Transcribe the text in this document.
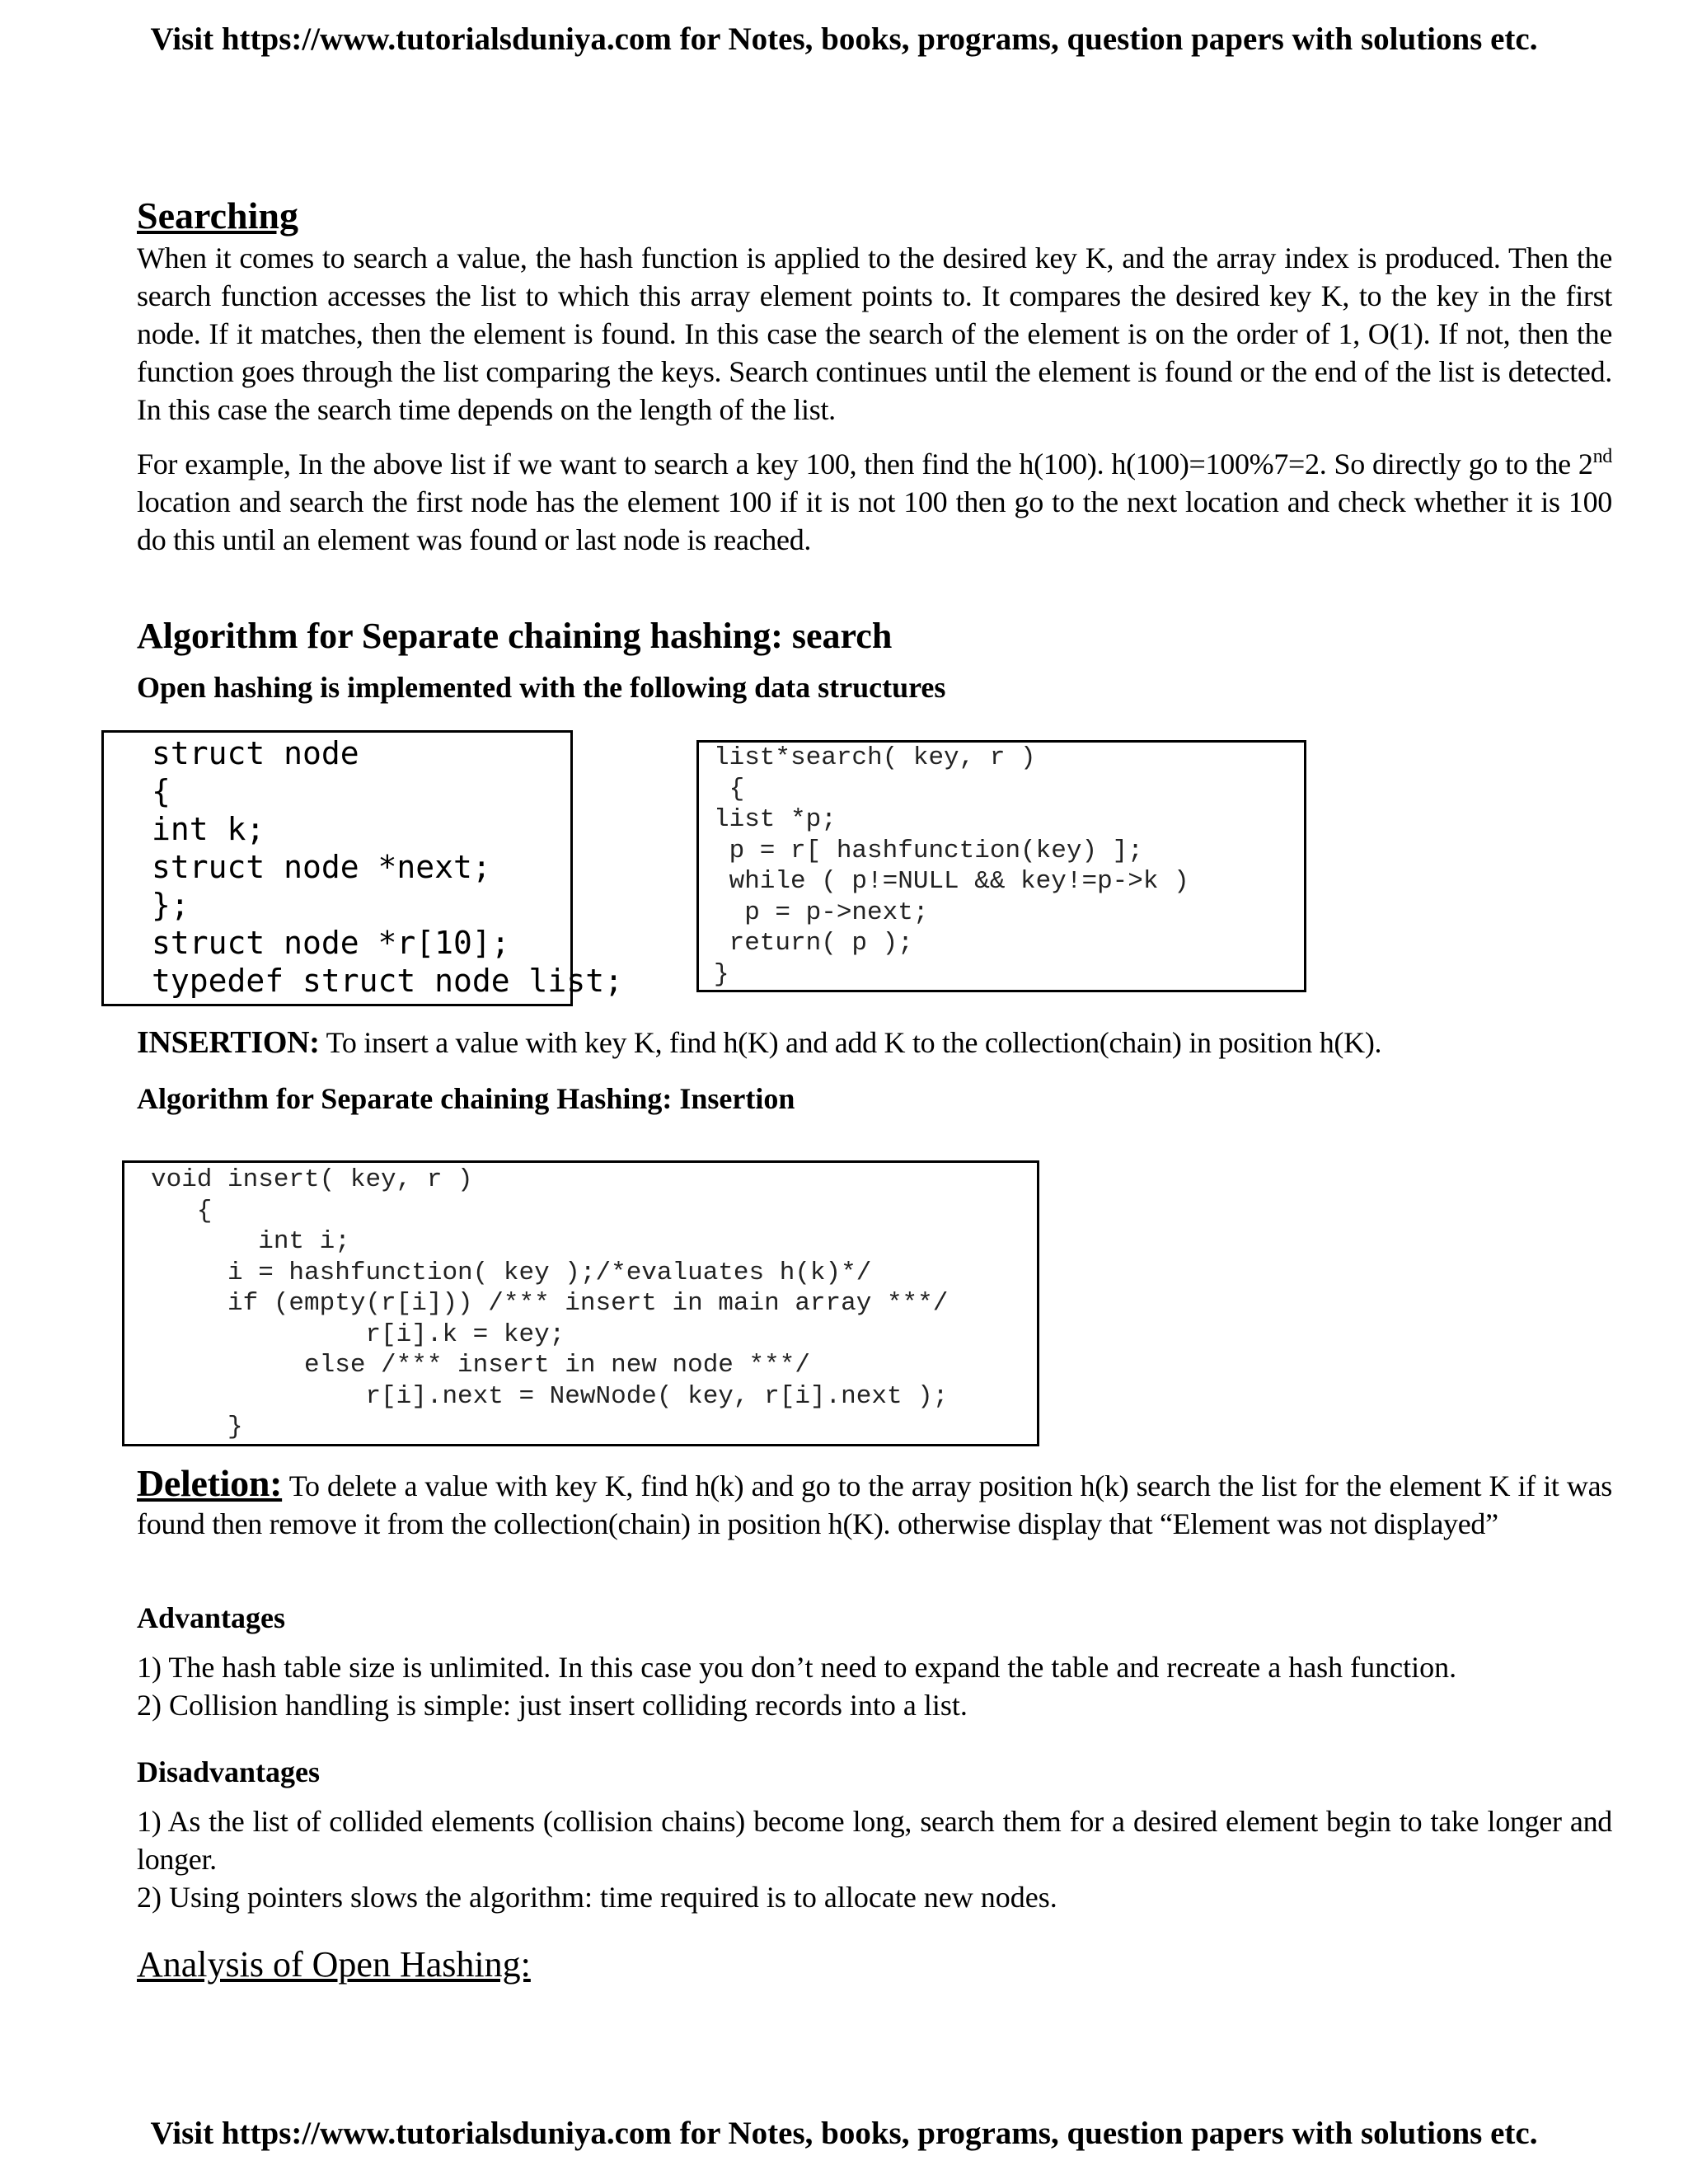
Visit https://www.tutorialsduniya.com for Notes, books, programs, question papers with solutions etc.
Searching

When it comes to search a value, the hash function is applied to the desired key K, and the array index is produced. Then the search function accesses the list to which this array element points to. It compares the desired key K, to the key in the first node. If it matches, then the element is found. In this case the search of the element is on the order of 1, O(1). If not, then the function goes through the list comparing the keys. Search continues until the element is found or the end of the list is detected. In this case the search time depends on the length of the list.

For example, In the above list if we want to search a key 100, then find the h(100). h(100)=100%7=2. So directly go to the 2nd location and search the first node has the element 100 if it is not 100 then go to the next location and check whether it is 100 do this until an element was found or last node is reached.

Algorithm for Separate chaining hashing: search

Open hashing is implemented with the following data structures

struct node
{
int k;
struct node *next;
};
struct node *r[10];
typedef struct node list;
list*search( key, r )
{
list *p;
p = r[ hashfunction(key) ];
while ( p!=NULL && key!=p->k )
p = p->next;
return( p );
}

INSERTION: To insert a value with key K, find h(K) and add K to the collection(chain) in position h(K).

Algorithm for Separate chaining Hashing: Insertion

void insert( key, r )
{
int i;
i = hashfunction( key );/*evaluates h(k)*/
if (empty(r[i])) /*** insert in main array ***/
r[i].k = key;
else /*** insert in new node ***/
r[i].next = NewNode( key, r[i].next );
}

Deletion: To delete a value with key K, find h(k) and go to the array position h(k) search the list for the element K if it was found then remove it from the collection(chain) in position h(K). otherwise display that “Element was not displayed”

Advantages

1) The hash table size is unlimited. In this case you don’t need to expand the table and recreate a hash function.

2) Collision handling is simple: just insert colliding records into a list.

Disadvantages

1) As the list of collided elements (collision chains) become long, search them for a desired element begin to take longer and longer.

2) Using pointers slows the algorithm: time required is to allocate new nodes.

Analysis of Open Hashing:
Visit https://www.tutorialsduniya.com for Notes, books, programs, question papers with solutions etc.
